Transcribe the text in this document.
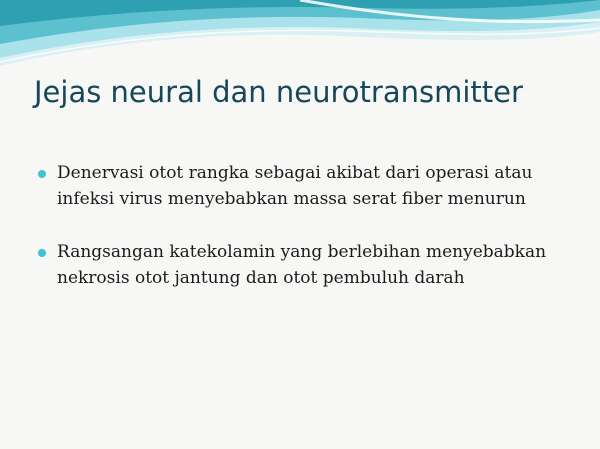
Jejas neural dan neurotransmitter
Denervasi otot rangka sebagai akibat dari operasi atau infeksi virus menyebabkan massa serat fiber menurun
Rangsangan katekolamin yang berlebihan menyebabkan nekrosis otot jantung dan otot pembuluh darah
